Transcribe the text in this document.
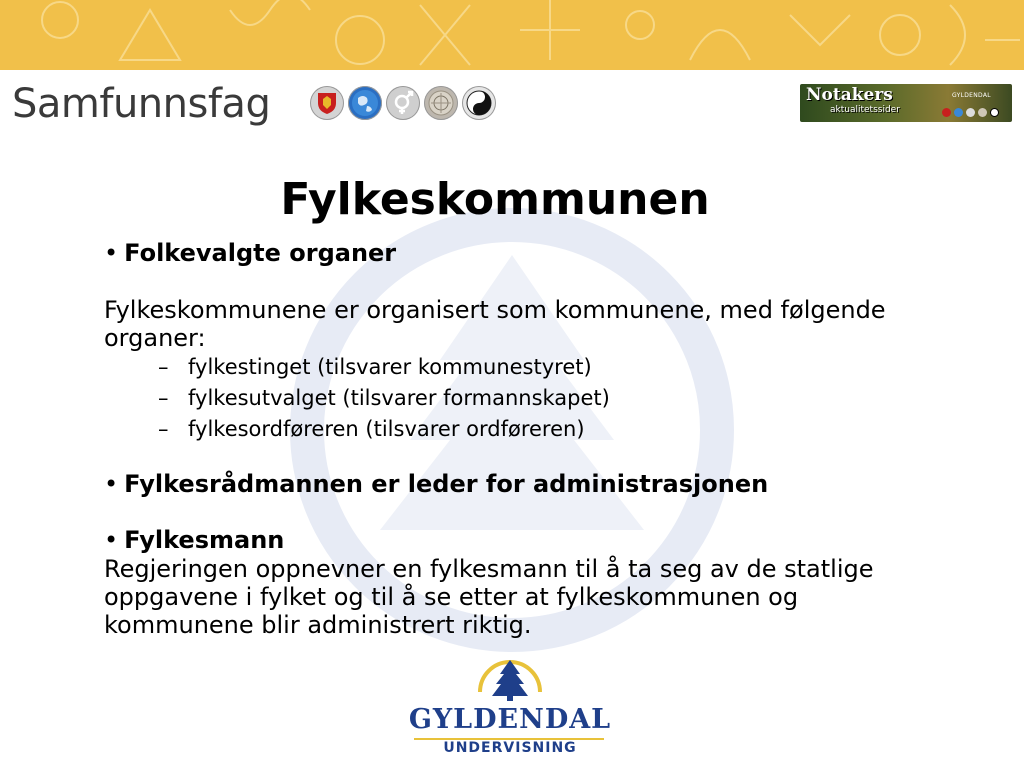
Samfunnsfag	Notakers
aktualitetssider
GYLDENDAL
Fylkeskommunen
• Folkevalgte organer

Fylkeskommunene er organisert som kommunene, med følgende organer:

– fylkestinget (tilsvarer kommunestyret)
– fylkesutvalget (tilsvarer formannskapet)
– fylkesordføreren (tilsvarer ordføreren)
• Fylkesrådmannen er leder for administrasjonen
• Fylkesmann

Regjeringen oppnevner en fylkesmann til å ta seg av de statlige oppgavene i fylket og til å se etter at fylkeskommunen og kommunene blir administrert riktig.

GYLDENDAL
UNDERVISNING
